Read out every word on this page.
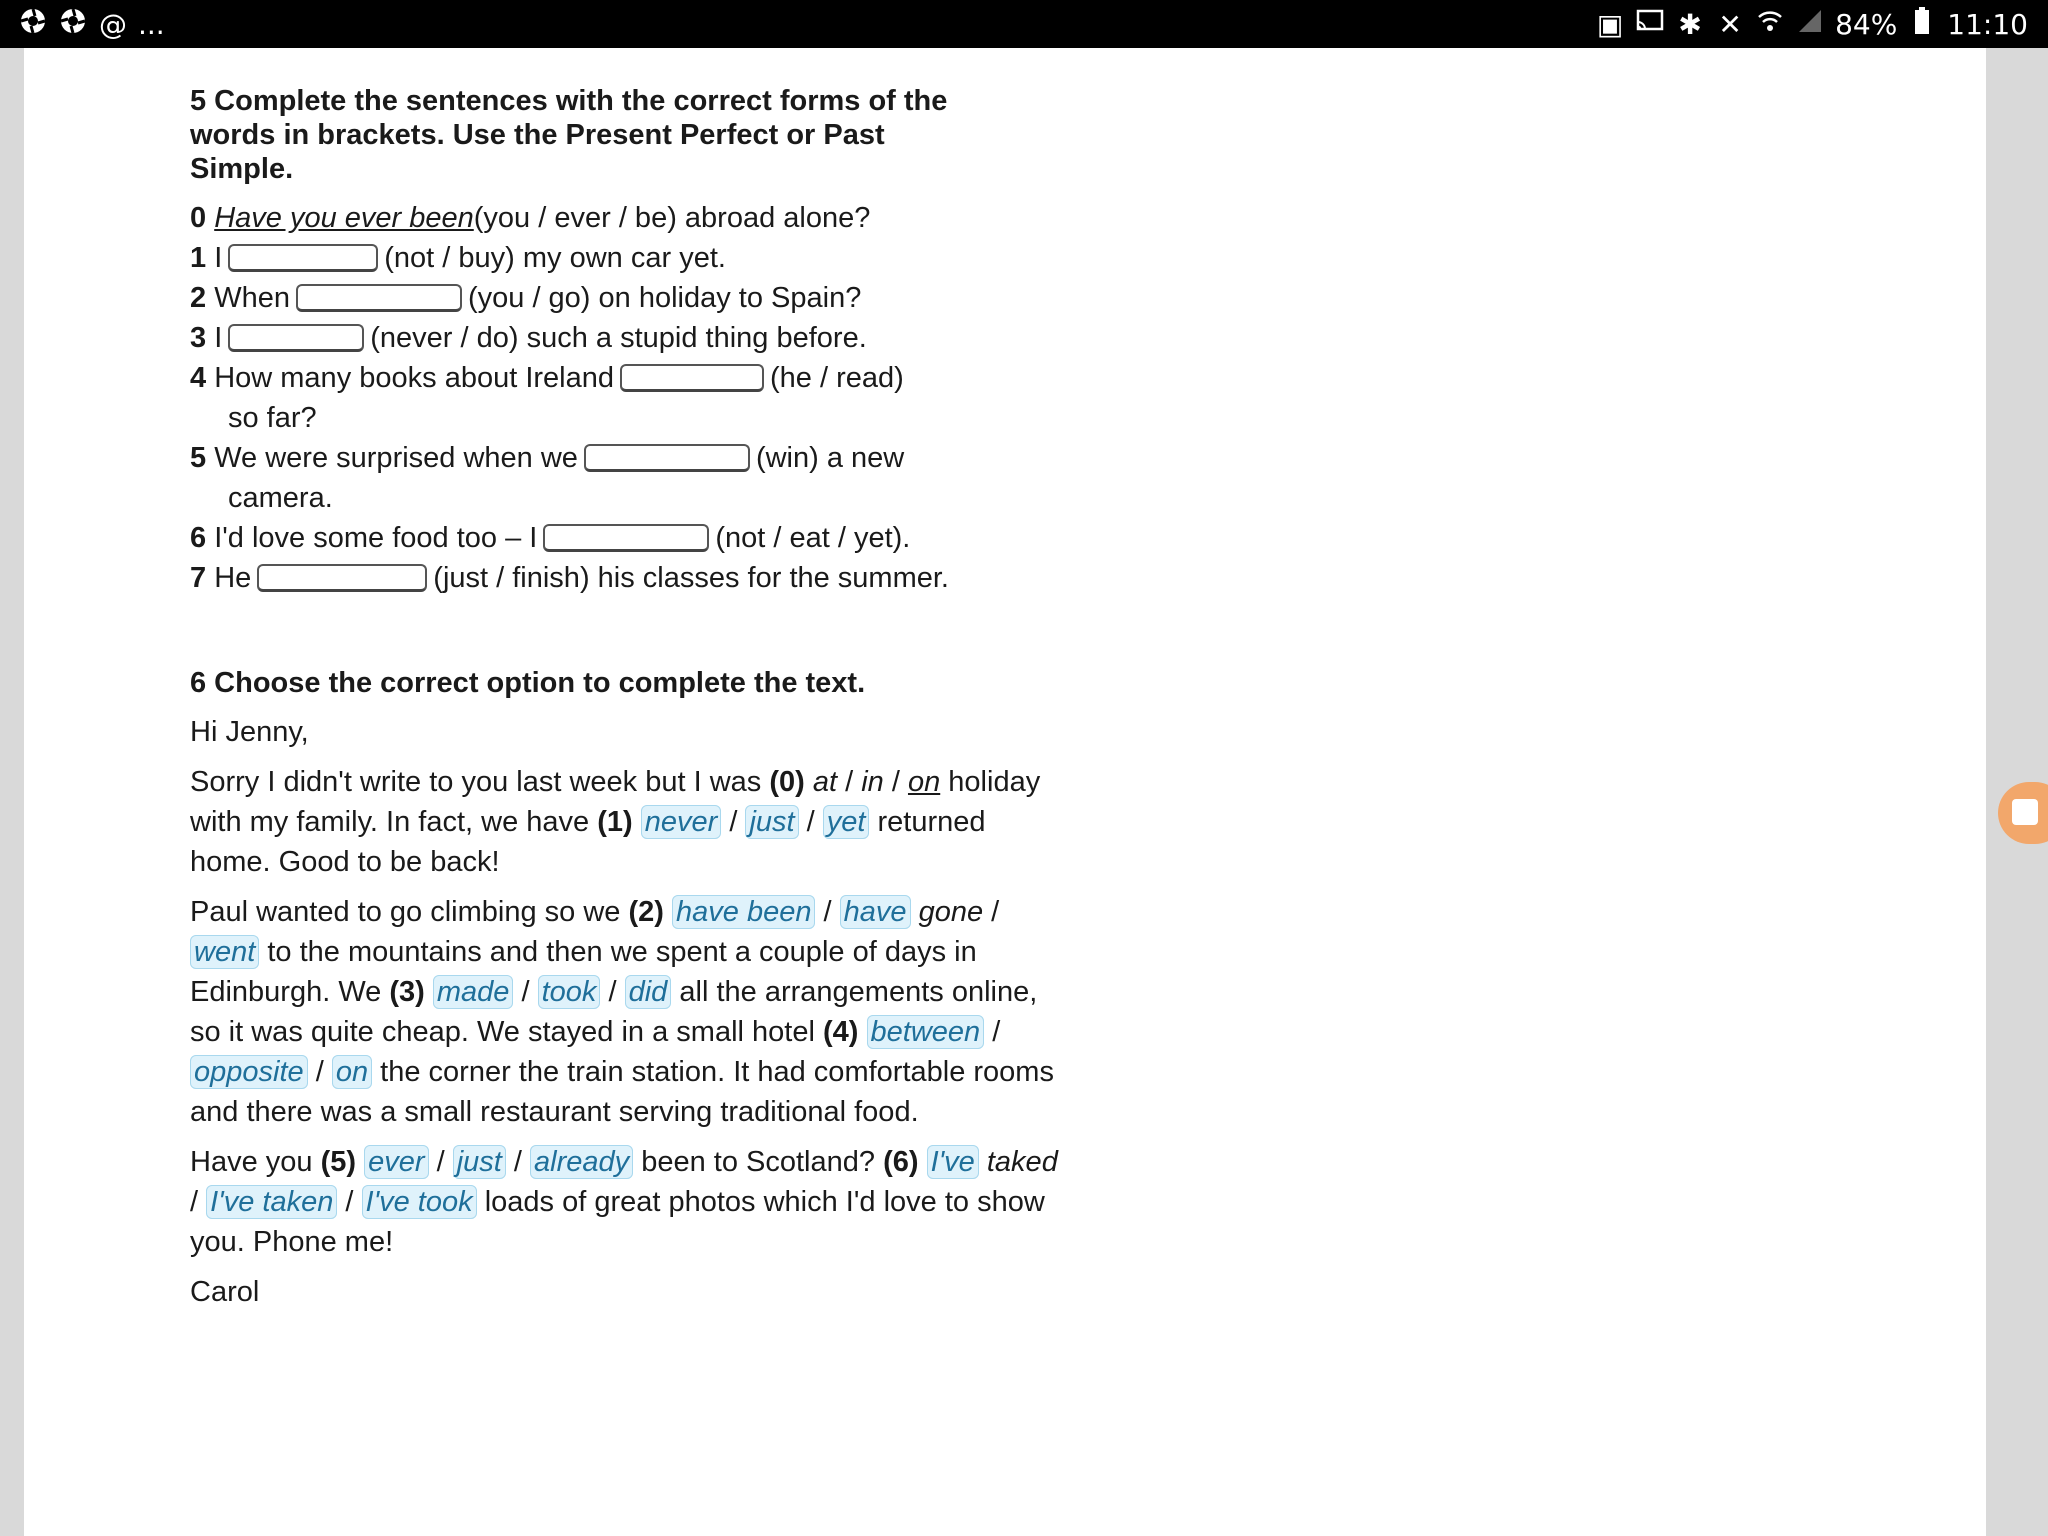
@ ...	▣ ✱ ✕	84% 11:10
5 Complete the sentences with the correct forms of the
words in brackets. Use the Present Perfect or Past
Simple.

0 Have you ever been(you / ever / be) abroad alone?

1 I	(not / buy) my own car yet.

2 When	(you / go) on holiday to Spain?

3 I	(never / do) such a stupid thing before.

4 How many books about Ireland	(he / read)

so far?

5 We were surprised when we	(win) a new

camera.

6 I'd love some food too – I	(not / eat / yet).

7 He	(just / finish) his classes for the summer.

6 Choose the correct option to complete the text.

Hi Jenny,

Sorry I didn't write to you last week but I was (0) at / in / on holiday with my family. In fact, we have (1) never / just / yet returned home. Good to be back!

Paul wanted to go climbing so we (2) have been / have gone / went to the mountains and then we spent a couple of days in Edinburgh. We (3) made / took / did all the arrangements online, so it was quite cheap. We stayed in a small hotel (4) between / opposite / on the corner the train station. It had comfortable rooms and there was a small restaurant serving traditional food.

Have you (5) ever / just / already been to Scotland? (6) I've taked / I've taken / I've took loads of great photos which I'd love to show you. Phone me!

Carol
